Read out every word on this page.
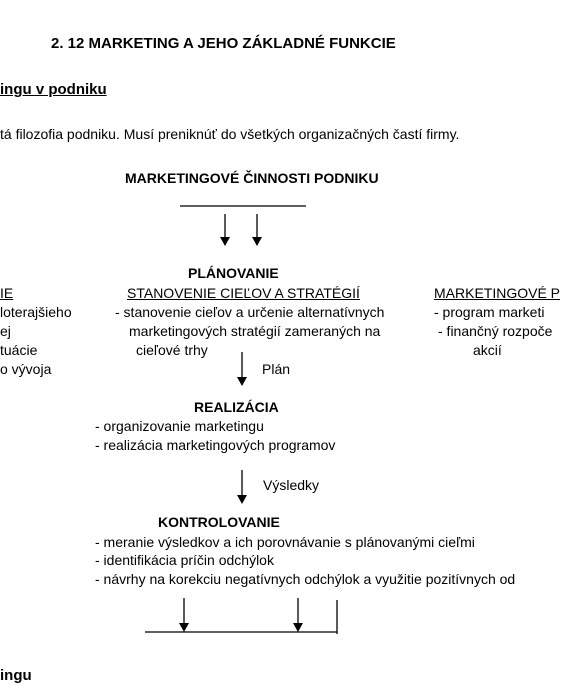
2. 12 MARKETING A JEHO ZÁKLADNÉ FUNKCIE
ingu v podniku
tá filozofia podniku. Musí preniknúť do všetkých organizačných častí firmy.
MARKETINGOVÉ ČINNOSTI PODNIKU
IE
loterajšieho
ej
tuácie
o vývoja
PLÁNOVANIE
STANOVENIE CIEĽOV A STRATÉGIÍ
- stanovenie cieľov a určenie alternatívnych
marketingových stratégií zameraných na
cieľové trhy
MARKETINGOVÉ P
- program marketi
- finančný rozpoče
akcií
Plán
REALIZÁCIA
- organizovanie marketingu
- realizácia marketingových programov
Výsledky
KONTROLOVANIE
- meranie výsledkov a ich porovnávanie s plánovanými cieľmi
- identifikácia príčin odchýlok
- návrhy na korekciu negatívnych odchýlok a využitie pozitívnych od
ingu
